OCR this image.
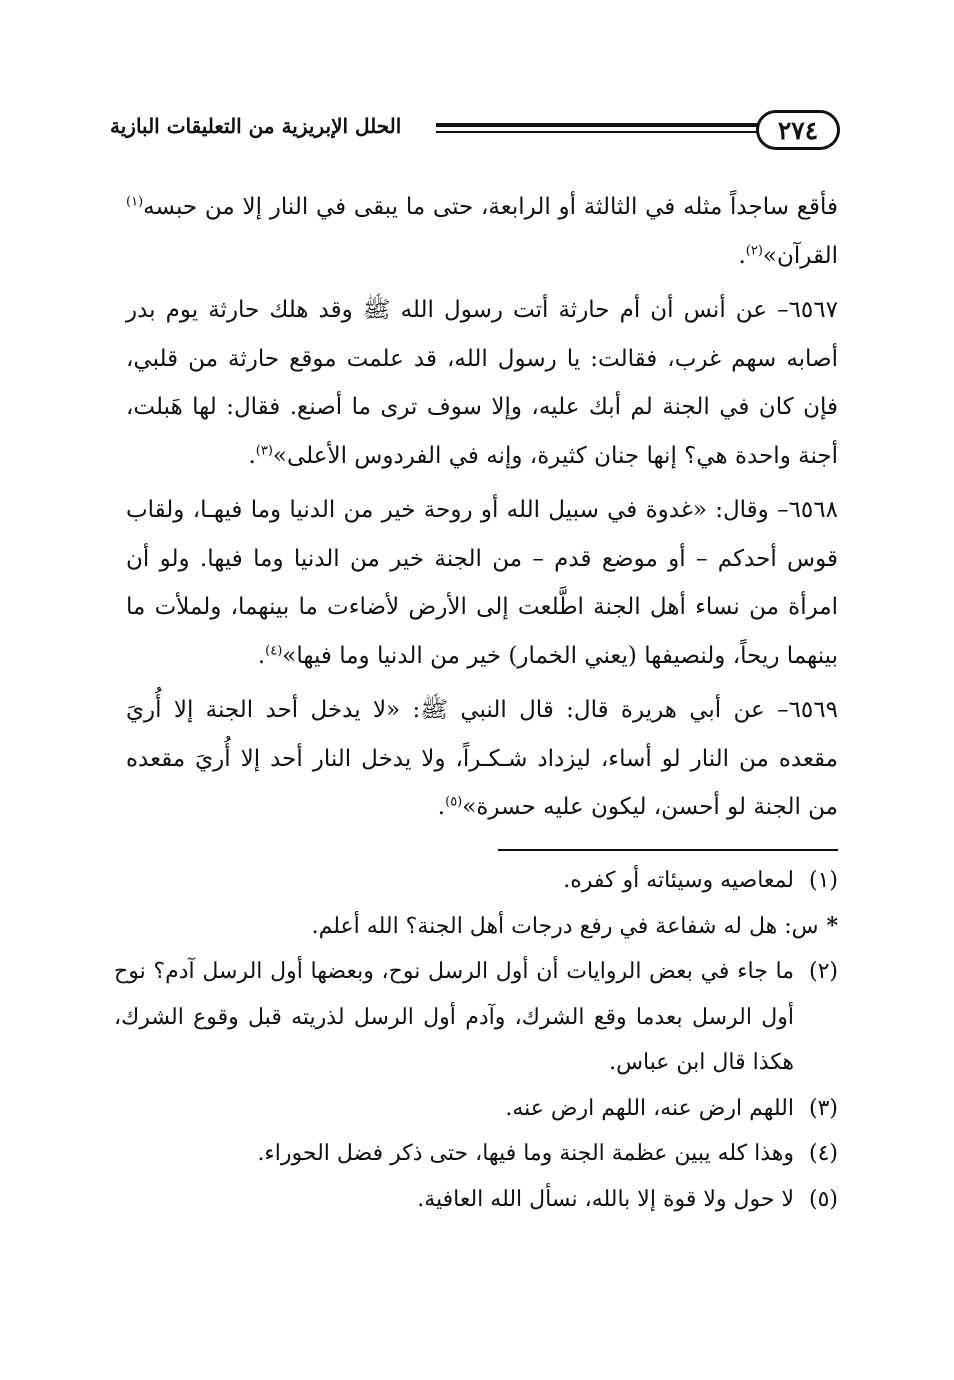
٢٧٤
الحلل الإبريزية من التعليقات البازية

فأقع ساجداً مثله في الثالثة أو الرابعة، حتى ما يبقى في النار إلا من حبسه$^{(١)}$ القرآن»$^{(٢)}$.

٦٥٦٧– عن أنس أن أم حارثة أتت رسول الله ﷺ وقد هلك حارثة يوم بدر أصابه سهم غرب، فقالت: يا رسول الله، قد علمت موقع حارثة من قلبي، فإن كان في الجنة لم أبك عليه، وإلا سوف ترى ما أصنع. فقال: لها هَبلت، أجنة واحدة هي؟ إنها جنان كثيرة، وإنه في الفردوس الأعلى»$^{(٣)}$.

٦٥٦٨– وقال: «غدوة في سبيل الله أو روحة خير من الدنيا وما فيهـا، ولقاب قوس أحدكم – أو موضع قدم – من الجنة خير من الدنيا وما فيها. ولو أن امرأة من نساء أهل الجنة اطَّلعت إلى الأرض لأضاءت ما بينهما، ولملأت ما بينهما ريحاً، ولنصيفها (يعني الخمار) خير من الدنيا وما فيها»$^{(٤)}$.

٦٥٦٩– عن أبي هريرة قال: قال النبي ﷺ: «لا يدخل أحد الجنة إلا أُريَ مقعده من النار لو أساء، ليزداد شـكـراً، ولا يدخل النار أحد إلا أُريَ مقعده من الجنة لو أحسن، ليكون عليه حسرة»$^{(٥)}$.

(١)لمعاصيه وسيئاته أو كفره.

*س: هل له شفاعة في رفع درجات أهل الجنة؟ الله أعلم.

(٢)ما جاء في بعض الروايات أن أول الرسل نوح، وبعضها أول الرسل آدم؟ نوح أول الرسل بعدما وقع الشرك، وآدم أول الرسل لذريته قبل وقوع الشرك، هكذا قال ابن عباس.

(٣)اللهم ارض عنه، اللهم ارض عنه.

(٤)وهذا كله يبين عظمة الجنة وما فيها، حتى ذكر فضل الحوراء.

(٥)لا حول ولا قوة إلا بالله، نسأل الله العافية.
